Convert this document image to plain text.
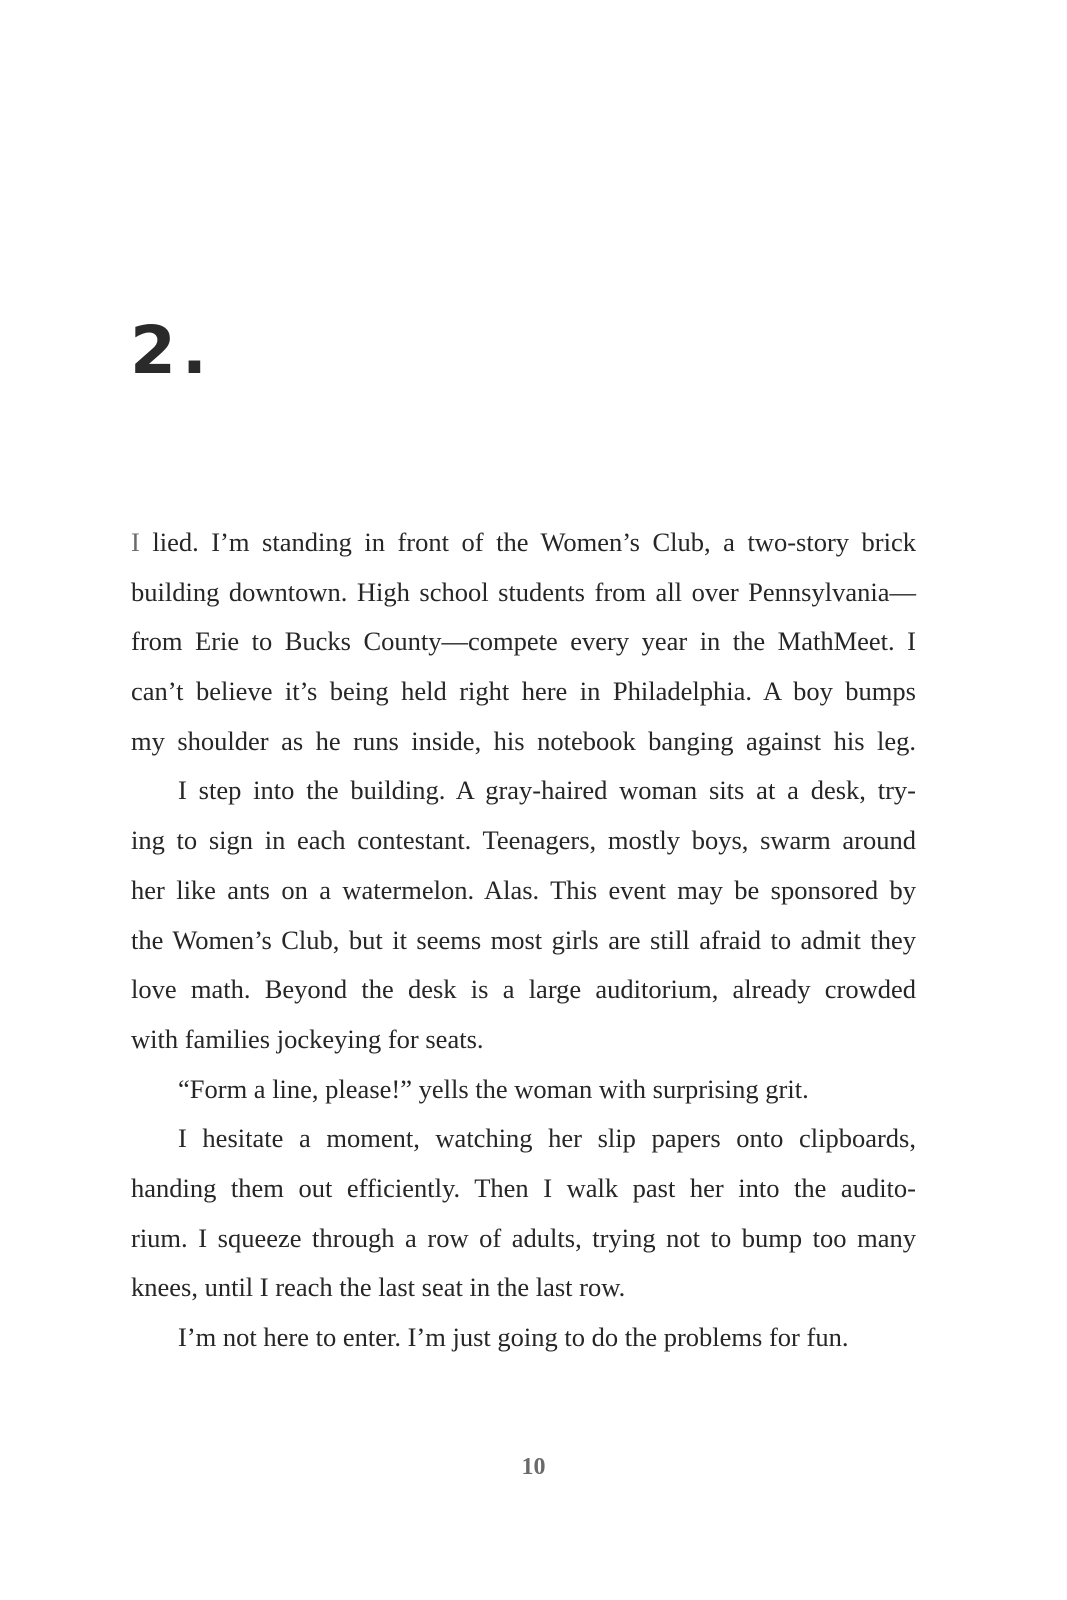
2.
I lied. I’m standing in front of the Women’s Club, a two-story brick
building downtown. High school students from all over Pennsylvania—
from Erie to Bucks County—compete every year in the MathMeet. I
can’t believe it’s being held right here in Philadelphia. A boy bumps
my shoulder as he runs inside, his notebook banging against his leg.
I step into the building. A gray-haired woman sits at a desk, try-
ing to sign in each contestant. Teenagers, mostly boys, swarm around
her like ants on a watermelon. Alas. This event may be sponsored by
the Women’s Club, but it seems most girls are still afraid to admit they
love math. Beyond the desk is a large auditorium, already crowded
with families jockeying for seats.
“Form a line, please!” yells the woman with surprising grit.
I hesitate a moment, watching her slip papers onto clipboards,
handing them out efficiently. Then I walk past her into the audito-
rium. I squeeze through a row of adults, trying not to bump too many
knees, until I reach the last seat in the last row.
I’m not here to enter. I’m just going to do the problems for fun.
10
